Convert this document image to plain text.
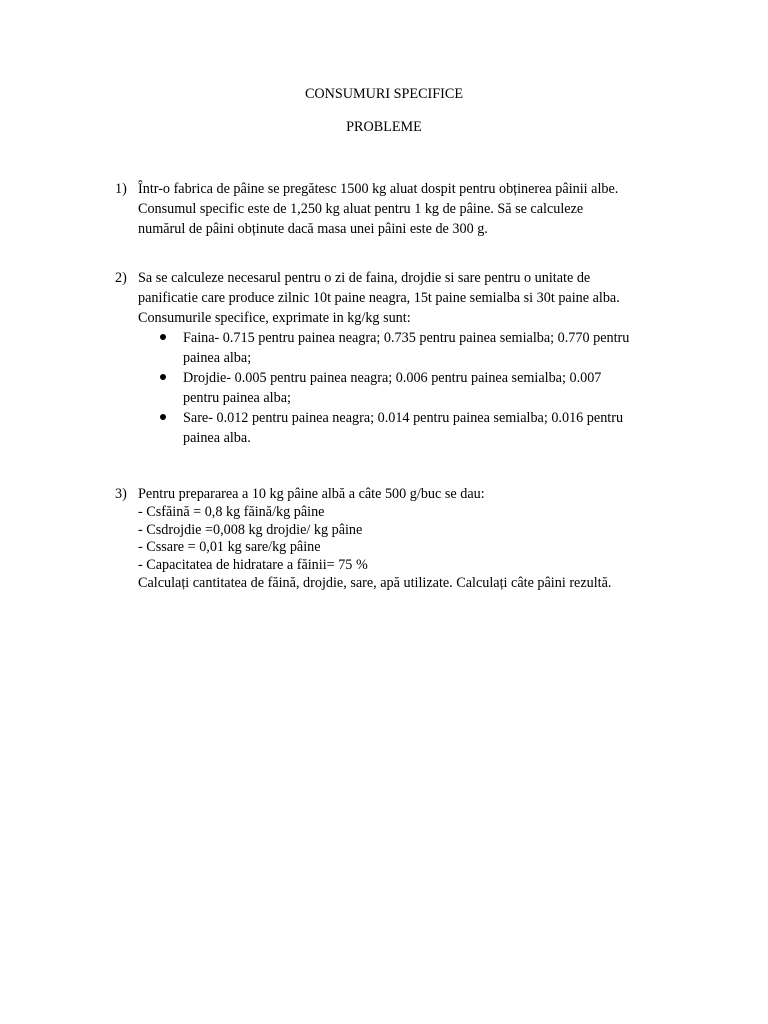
CONSUMURI SPECIFICE
PROBLEME
1) Într-o fabrica de pâine se pregătesc 1500 kg aluat dospit pentru obținerea pâinii albe.
Consumul specific este de 1,250 kg aluat pentru 1 kg de pâine. Să se calculeze
numărul de pâini obținute dacă masa unei pâini este de 300 g.
2) Sa se calculeze necesarul pentru o zi de faina, drojdie si sare pentru o unitate de
panificatie care produce zilnic 10t paine neagra, 15t paine semialba si 30t paine alba.
Consumurile specifice, exprimate in kg/kg sunt:
Faina- 0.715 pentru painea neagra; 0.735 pentru painea semialba; 0.770 pentru
painea alba;
Drojdie- 0.005 pentru painea neagra; 0.006 pentru painea semialba; 0.007
pentru painea alba;
Sare- 0.012 pentru painea neagra; 0.014 pentru painea semialba; 0.016 pentru
painea alba.
3) Pentru prepararea a 10 kg pâine albă a câte 500 g/buc se dau:
- Csfăină = 0,8 kg făină/kg pâine
- Csdrojdie =0,008 kg drojdie/ kg pâine
- Cssare = 0,01 kg sare/kg pâine
- Capacitatea de hidratare a făinii= 75 %
Calculați cantitatea de făină, drojdie, sare, apă utilizate. Calculați câte pâini rezultă.
